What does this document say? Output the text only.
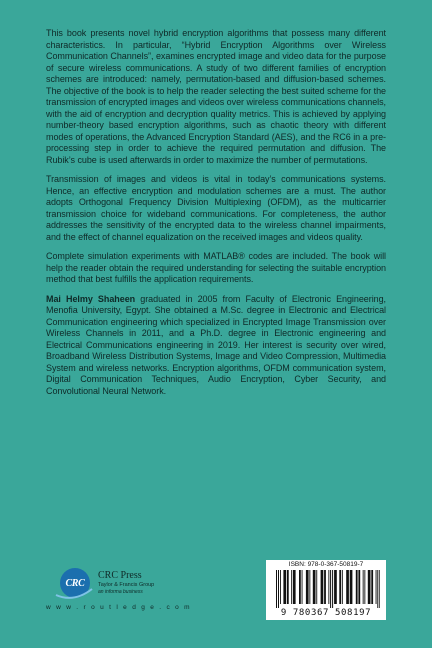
This book presents novel hybrid encryption algorithms that possess many different characteristics. In particular, “Hybrid Encryption Algorithms over Wireless Communication Channels”, examines encrypted image and video data for the purpose of secure wireless communications. A study of two different families of encryption schemes are introduced: namely, permutation-based and diffusion-based schemes. The objective of the book is to help the reader selecting the best suited scheme for the transmission of encrypted images and videos over wireless communications channels, with the aid of encryption and decryption quality metrics. This is achieved by applying number-theory based encryption algorithms, such as chaotic theory with different modes of operations, the Advanced Encryption Standard (AES), and the RC6 in a pre-processing step in order to achieve the required permutation and diffusion. The Rubik’s cube is used afterwards in order to maximize the number of permutations.

Transmission of images and videos is vital in today’s communications systems. Hence, an effective encryption and modulation schemes are a must. The author adopts Orthogonal Frequency Division Multiplexing (OFDM), as the multicarrier transmission choice for wideband communications. For completeness, the author addresses the sensitivity of the encrypted data to the wireless channel impairments, and the effect of channel equalization on the received images and videos quality.

Complete simulation experiments with MATLAB® codes are included. The book will help the reader obtain the required understanding for selecting the suitable encryption method that best fulfills the application requirements.

Mai Helmy Shaheen graduated in 2005 from Faculty of Electronic Engineering, Menofia University, Egypt. She obtained a M.Sc. degree in Electronic and Electrical Communication engineering which specialized in Encrypted Image Transmission over Wireless Channels in 2011, and a Ph.D. degree in Electronic engineering and Electrical Communications engineering in 2019. Her interest is security over wired, Broadband Wireless Distribution Systems, Image and Video Compression, Multimedia System and wireless networks. Encryption algorithms, OFDM communication system, Digital Communication Techniques, Audio Encryption, Cyber Security, and Convolutional Neural Network.

CRC
CRC Press
Taylor & Francis Group
an informa business
w w w . r o u t l e d g e . c o m
ISBN: 978-0-367-50819-7
9 780367 508197
